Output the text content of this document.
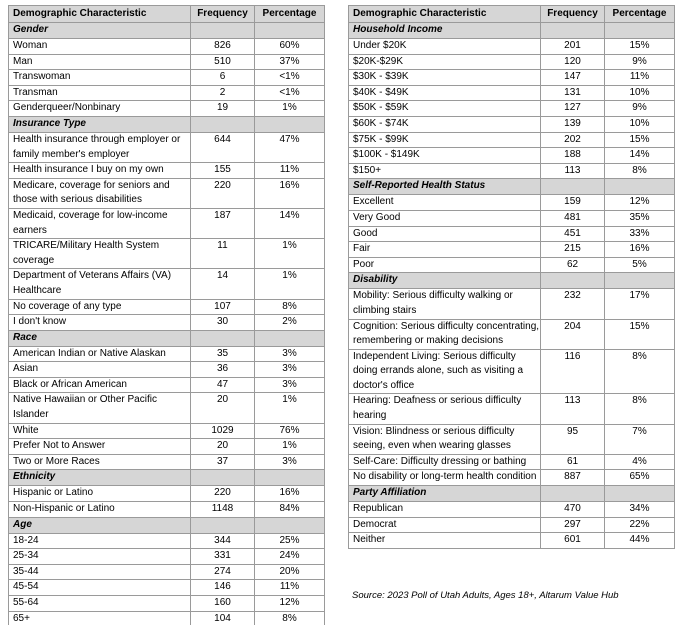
Demographic Characteristic	Frequency	Percentage
Gender		
Woman	826	60%
Man	510	37%
Transwoman	6	<1%
Transman	2	<1%
Genderqueer/Nonbinary	19	1%
Insurance Type		
Health insurance through employer or family member's employer	644	47%
Health insurance I buy on my own	155	11%
Medicare, coverage for seniors and those with serious disabilities	220	16%
Medicaid, coverage for low-income earners	187	14%
TRICARE/Military Health System coverage	11	1%
Department of Veterans Affairs (VA) Healthcare	14	1%
No coverage of any type	107	8%
I don't know	30	2%
Race		
American Indian or Native Alaskan	35	3%
Asian	36	3%
Black or African American	47	3%
Native Hawaiian or Other Pacific Islander	20	1%
White	1029	76%
Prefer Not to Answer	20	1%
Two or More Races	37	3%
Ethnicity		
Hispanic or Latino	220	16%
Non-Hispanic or Latino	1148	84%
Age		
18-24	344	25%
25-34	331	24%
35-44	274	20%
45-54	146	11%
55-64	160	12%
65+	104	8%
Demographic Characteristic	Frequency	Percentage
Household Income		
Under $20K	201	15%
$20K-$29K	120	9%
$30K - $39K	147	11%
$40K - $49K	131	10%
$50K - $59K	127	9%
$60K - $74K	139	10%
$75K - $99K	202	15%
$100K - $149K	188	14%
$150+	113	8%
Self-Reported Health Status		
Excellent	159	12%
Very Good	481	35%
Good	451	33%
Fair	215	16%
Poor	62	5%
Disability		
Mobility: Serious difficulty walking or climbing stairs	232	17%
Cognition: Serious difficulty concentrating, remembering or making decisions	204	15%
Independent Living: Serious difficulty doing errands alone, such as visiting a doctor's office	116	8%
Hearing: Deafness or serious difficulty hearing	113	8%
Vision: Blindness or serious difficulty seeing, even when wearing glasses	95	7%
Self-Care: Difficulty dressing or bathing	61	4%
No disability or long-term health condition	887	65%
Party Affiliation		
Republican	470	34%
Democrat	297	22%
Neither	601	44%
Source: 2023 Poll of Utah Adults, Ages 18+, Altarum Value Hub
